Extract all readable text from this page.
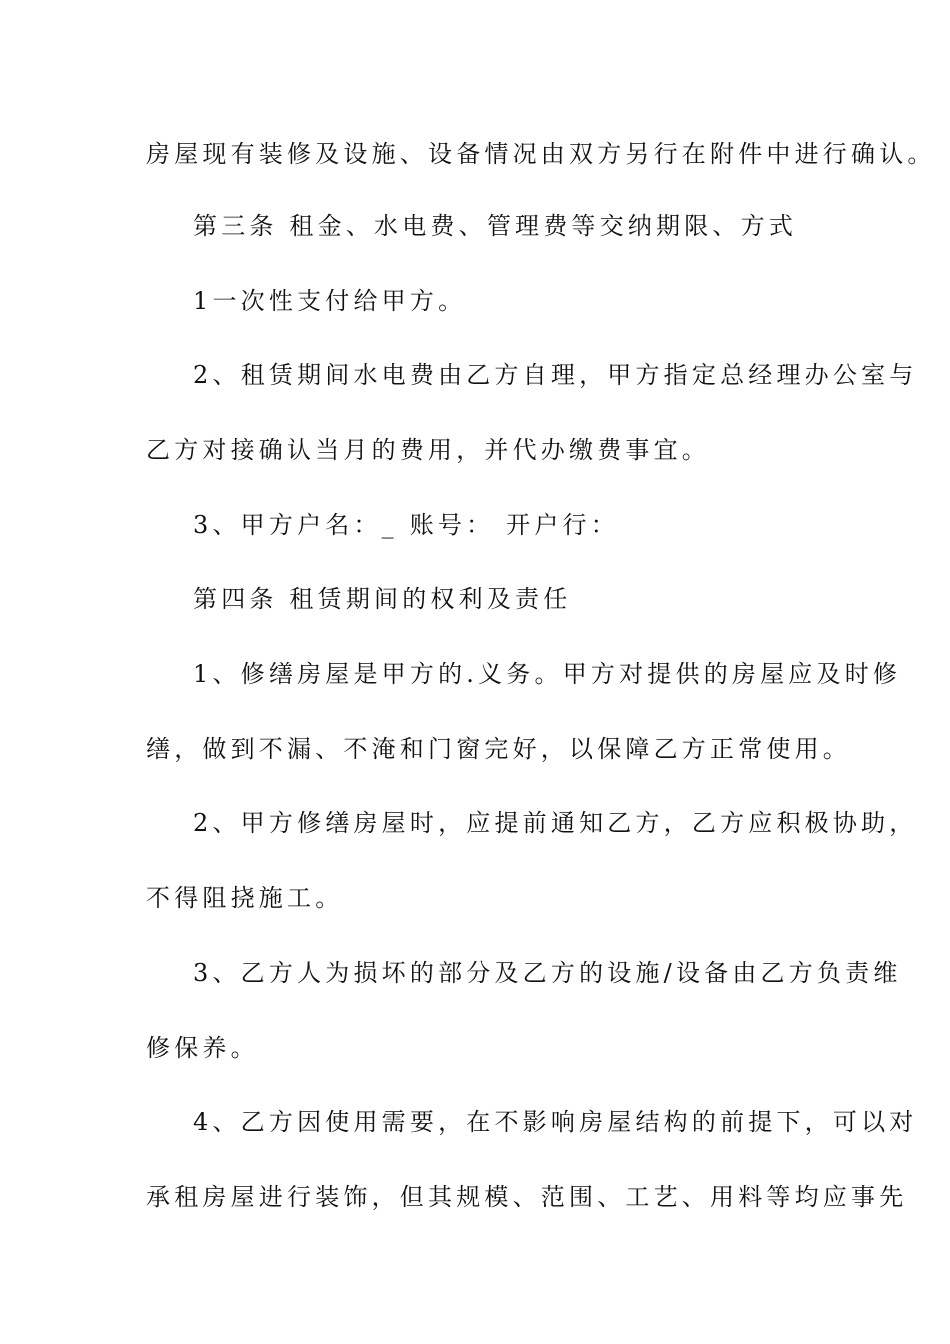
房屋现有装修及设施、设备情况由双方另行在附件中进行确认。
第三条 租金、水电费、管理费等交纳期限、方式
1一次性支付给甲方。
2、租赁期间水电费由乙方自理，甲方指定总经理办公室与
乙方对接确认当月的费用，并代办缴费事宜。
3、甲方户名：_ 账号： 开户行：
第四条 租赁期间的权利及责任
1、修缮房屋是甲方的.义务。甲方对提供的房屋应及时修
缮，做到不漏、不淹和门窗完好，以保障乙方正常使用。
2、甲方修缮房屋时，应提前通知乙方，乙方应积极协助，
不得阻挠施工。
3、乙方人为损坏的部分及乙方的设施/设备由乙方负责维
修保养。
4、乙方因使用需要，在不影响房屋结构的前提下，可以对
承租房屋进行装饰，但其规模、范围、工艺、用料等均应事先
